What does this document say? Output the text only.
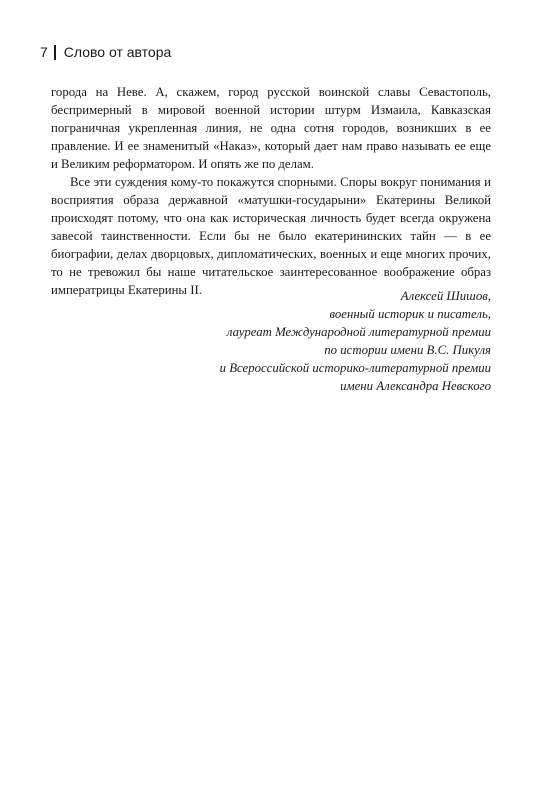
7 Слово от автора

города на Неве. А, скажем, город русской воинской славы Севастополь, беспримерный в мировой военной истории штурм Измаила, Кавказская пограничная укрепленная линия, не одна сотня городов, возникших в ее правление. И ее знаменитый «Наказ», который дает нам право называть ее еще и Великим реформатором. И опять же по делам.

Все эти суждения кому-то покажутся спорными. Споры вокруг понимания и восприятия образа державной «матушки-государыни» Екатерины Великой происходят потому, что она как историческая личность будет всегда окружена завесой таинственности. Если бы не было екатерининских тайн — в ее биографии, делах дворцовых, дипломатических, военных и еще многих прочих, то не тревожил бы наше читательское заинтересованное воображение образ императрицы Екатерины II.	Алексей Шишов,
военный историк и писатель,
лауреат Международной литературной премии
по истории имени В.С. Пикуля
и Всероссийской историко-литературной премии
имени Александра Невского
